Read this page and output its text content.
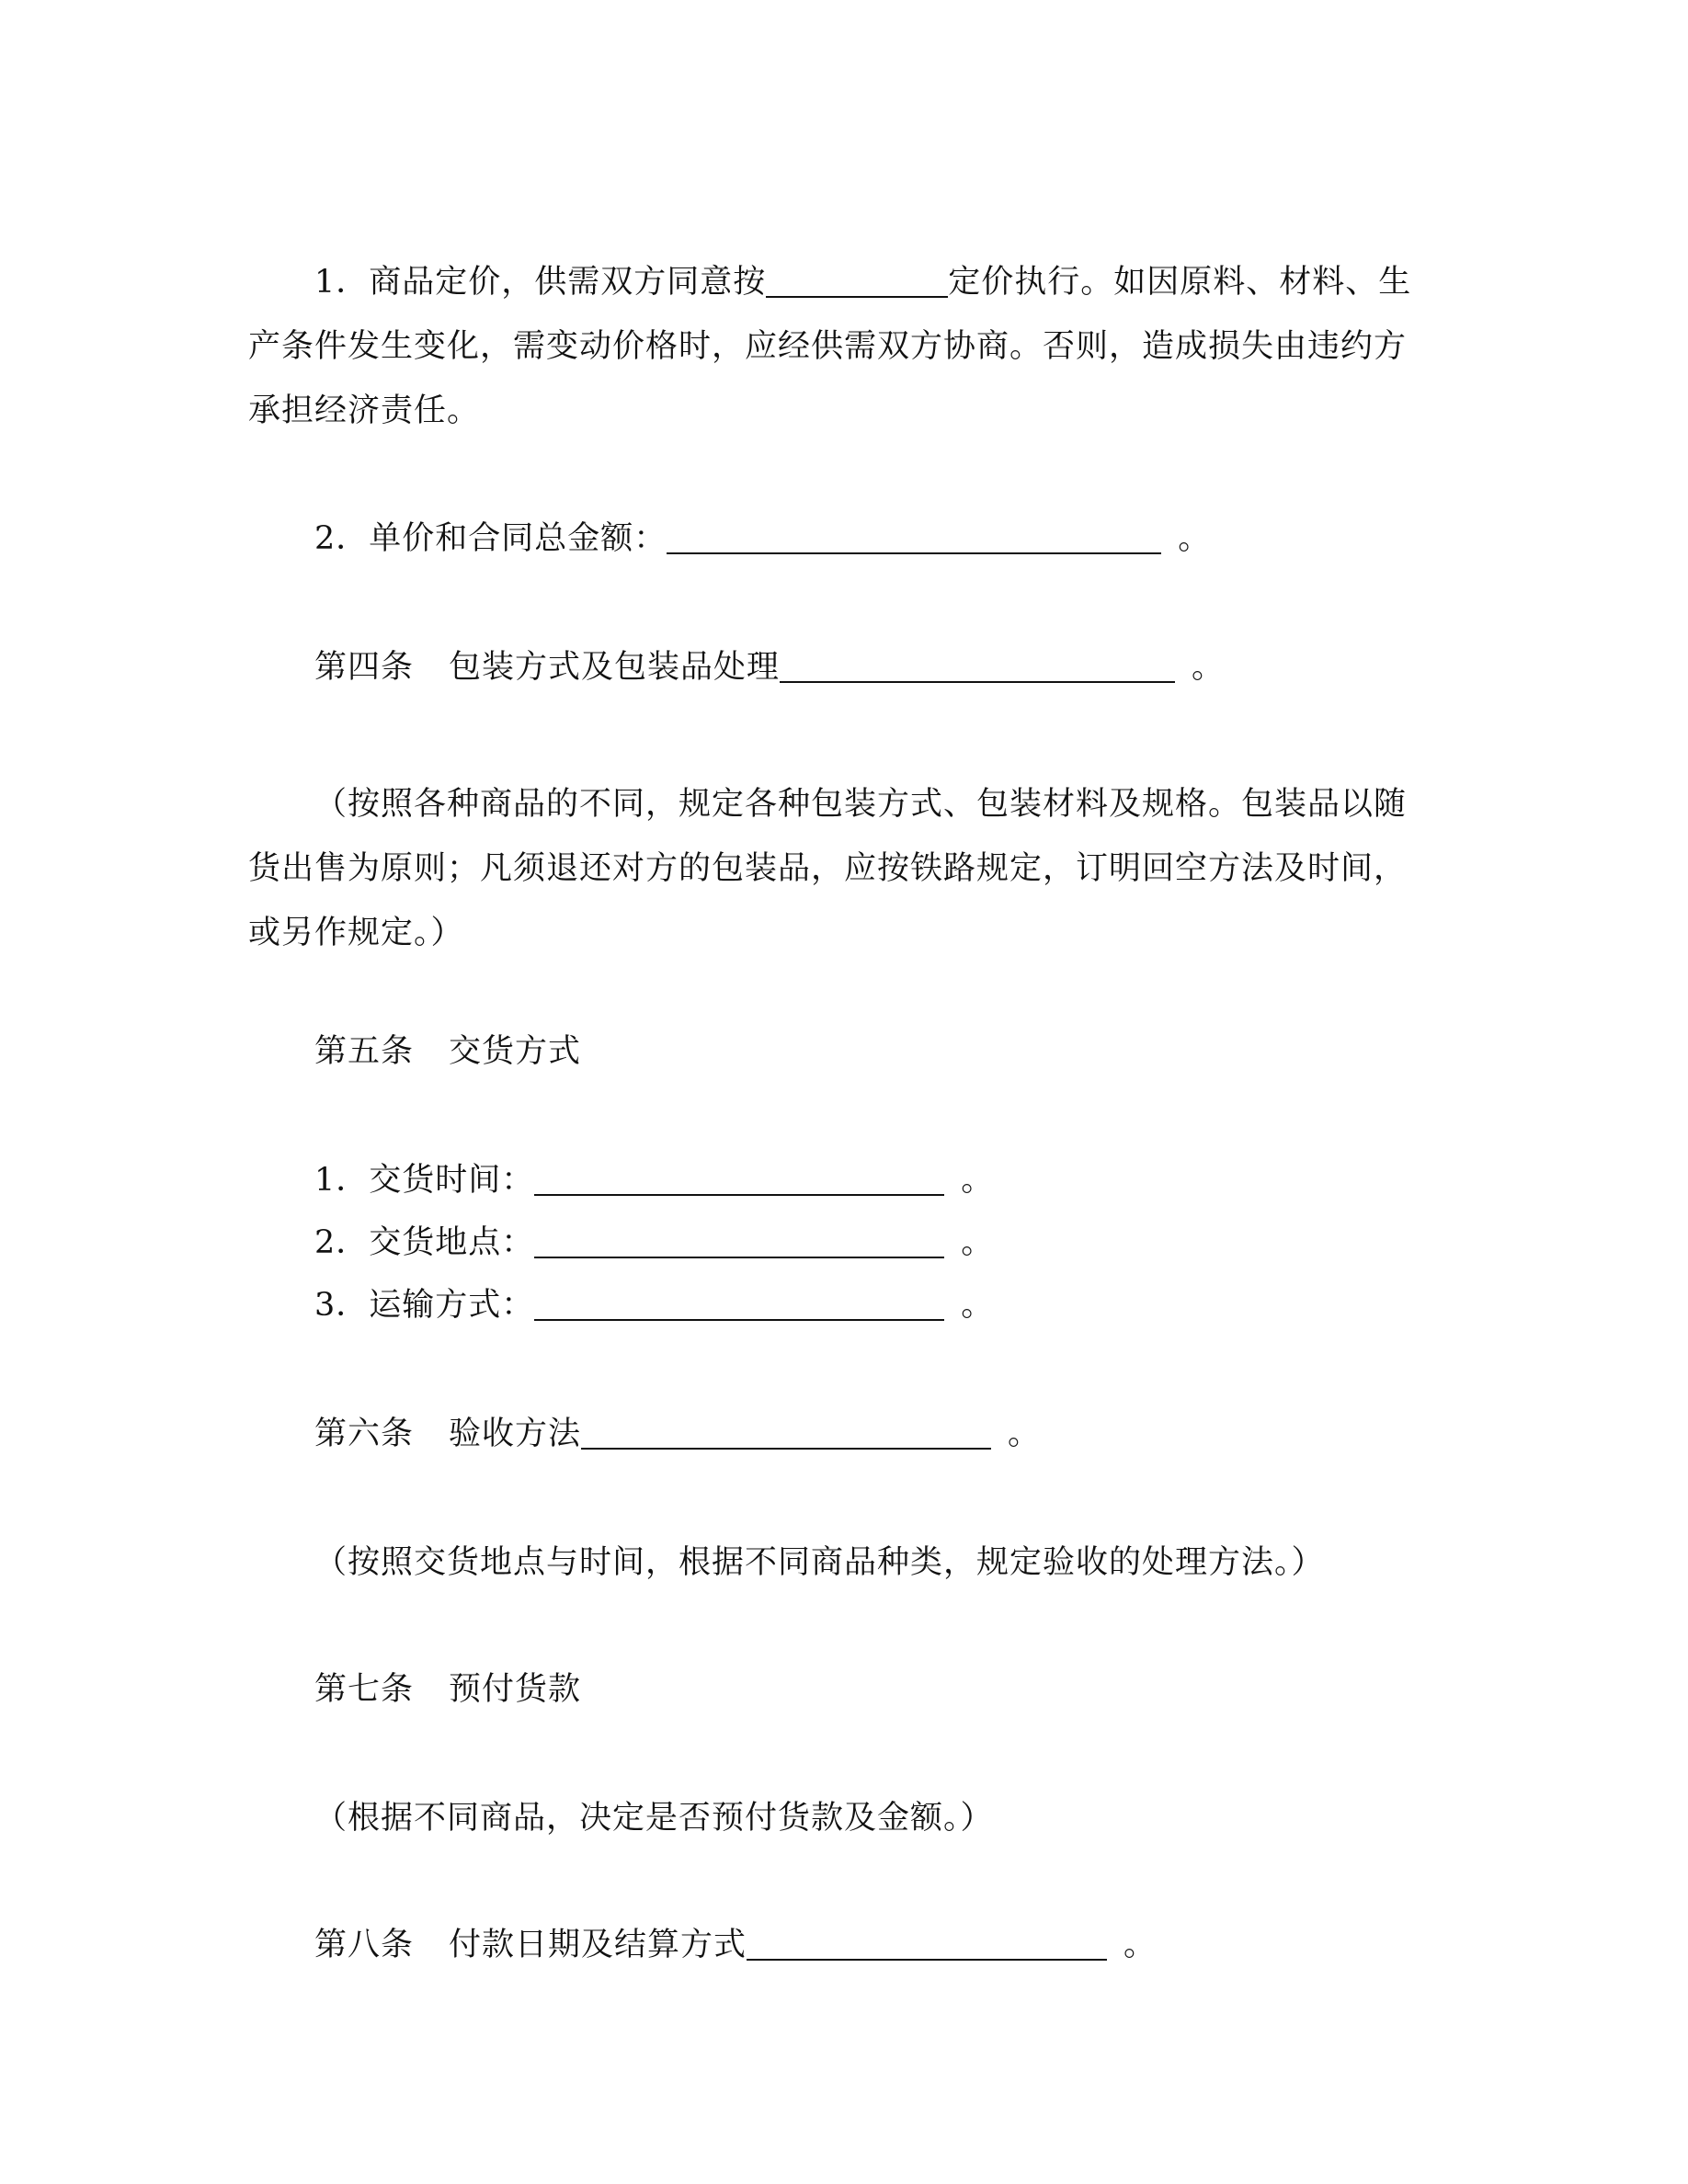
1．商品定价，供需双方同意按	定价执行。如因原料、材料、生产条件发生变化，需变动价格时，应经供需双方协商。否则，造成损失由违约方承担经济责任。
2．单价和合同总金额：	。
第四条 包装方式及包装品处理	。
（按照各种商品的不同，规定各种包装方式、包装材料及规格。包装品以随货出售为原则；凡须退还对方的包装品，应按铁路规定，订明回空方法及时间，或另作规定。）
第五条 交货方式
1．交货时间：	。
2．交货地点：	。
3．运输方式：	。
第六条 验收方法	。
（按照交货地点与时间，根据不同商品种类，规定验收的处理方法。）
第七条 预付货款
（根据不同商品，决定是否预付货款及金额。）
第八条 付款日期及结算方式	。
